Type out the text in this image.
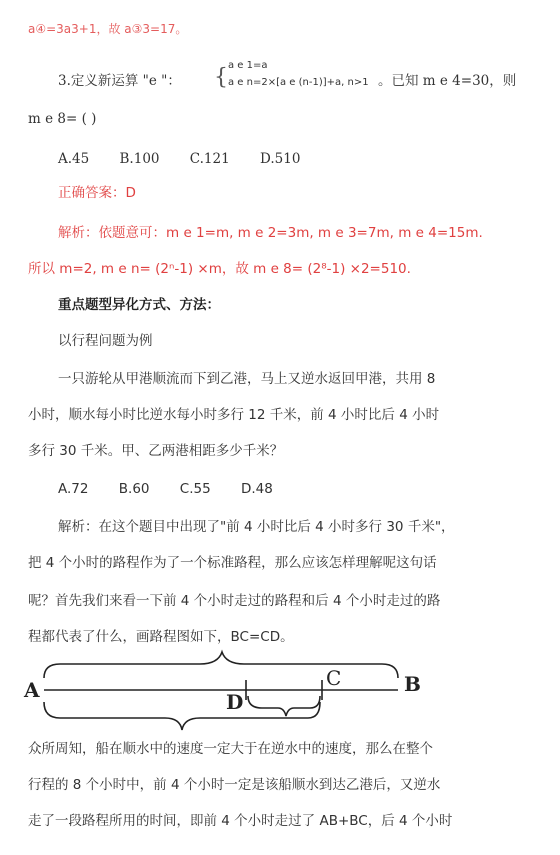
a④=3a3+1，故 a③3=17。
3.定义新运算 "e "： { a e 1=a
a e n=2×[a e (n-1)]+a, n>1 。已知 m e 4=30，则
m e 8= ( )
A.45 B.100 C.121 D.510
正确答案：D
解析：依题意可：m e 1=m, m e 2=3m, m e 3=7m, m e 4=15m.
所以 m=2, m e n= (2ⁿ-1) ×m，故 m e 8= (2⁸-1) ×2=510.
重点题型异化方式、方法：
以行程问题为例
一只游轮从甲港顺流而下到乙港，马上又逆水返回甲港，共用 8
小时，顺水每小时比逆水每小时多行 12 千米，前 4 小时比后 4 小时
多行 30 千米。甲、乙两港相距多少千米？
A.72 B.60 C.55 D.48
解析：在这个题目中出现了"前 4 小时比后 4 小时多行 30 千米"，
把 4 个小时的路程作为了一个标准路程，那么应该怎样理解呢这句话
呢？首先我们来看一下前 4 个小时走过的路程和后 4 个小时走过的路
程都代表了什么，画路程图如下，BC=CD。
A	B
C
D
众所周知，船在顺水中的速度一定大于在逆水中的速度，那么在整个
行程的 8 个小时中，前 4 个小时一定是该船顺水到达乙港后，又逆水
走了一段路程所用的时间，即前 4 个小时走过了 AB+BC，后 4 个小时
